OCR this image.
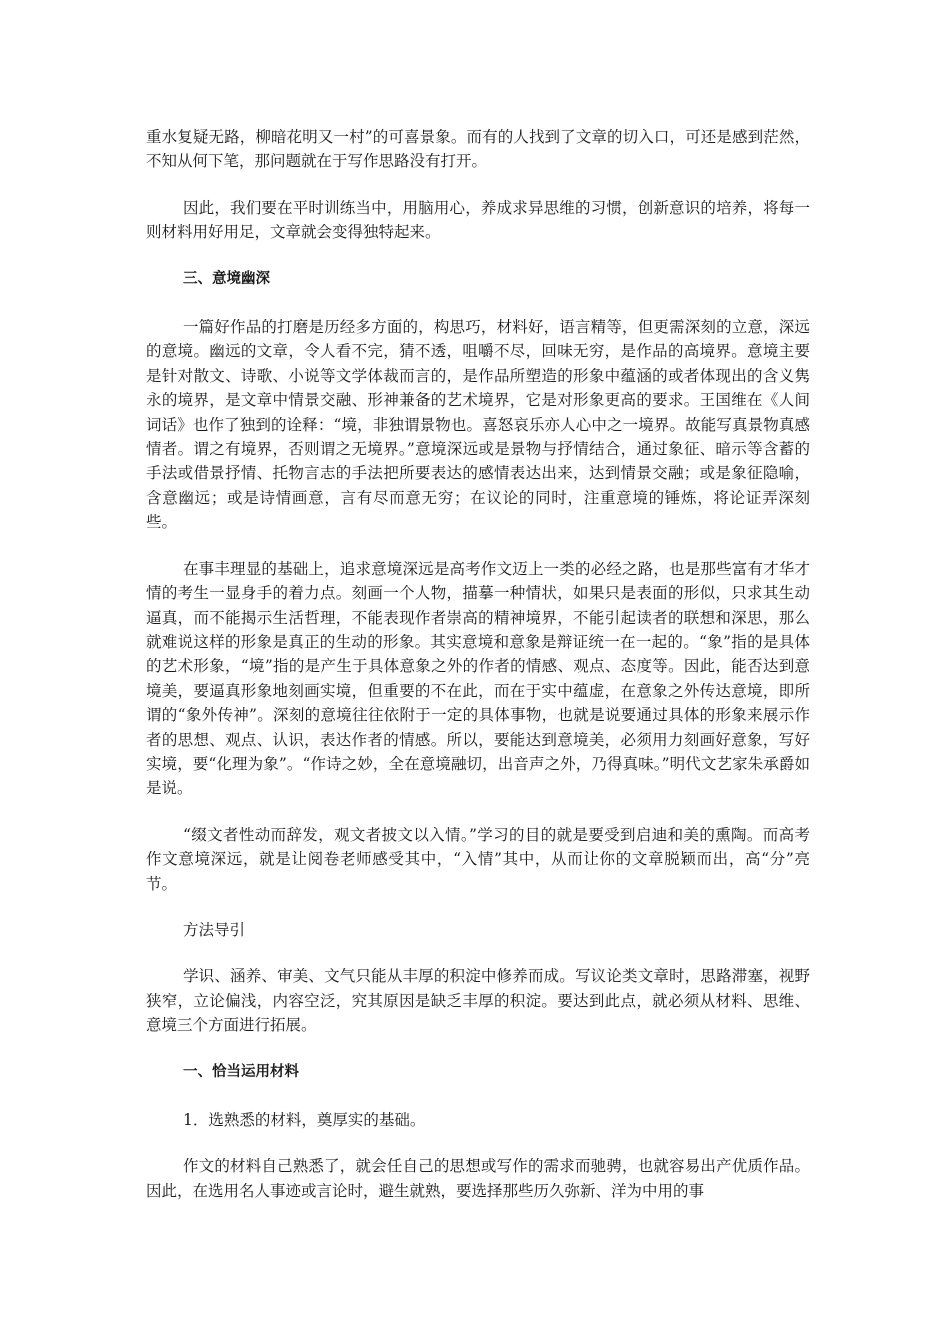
重水复疑无路，柳暗花明又一村”的可喜景象。而有的人找到了文章的切入口，可还是感到茫然，不知从何下笔，那问题就在于写作思路没有打开。

因此，我们要在平时训练当中，用脑用心，养成求异思维的习惯，创新意识的培养，将每一则材料用好用足，文章就会变得独特起来。

三、意境幽深

一篇好作品的打磨是历经多方面的，构思巧，材料好，语言精等，但更需深刻的立意，深远的意境。幽远的文章，令人看不完，猜不透，咀嚼不尽，回味无穷，是作品的高境界。意境主要是针对散文、诗歌、小说等文学体裁而言的，是作品所塑造的形象中蕴涵的或者体现出的含义隽永的境界，是文章中情景交融、形神兼备的艺术境界，它是对形象更高的要求。王国维在《人间词话》也作了独到的诠释：“境，非独谓景物也。喜怒哀乐亦人心中之一境界。故能写真景物真感情者。谓之有境界，否则谓之无境界。”意境深远或是景物与抒情结合，通过象征、暗示等含蓄的手法或借景抒情、托物言志的手法把所要表达的感情表达出来，达到情景交融；或是象征隐喻，含意幽远；或是诗情画意，言有尽而意无穷；在议论的同时，注重意境的锤炼，将论证弄深刻些。

在事丰理显的基础上，追求意境深远是高考作文迈上一类的必经之路，也是那些富有才华才情的考生一显身手的着力点。刻画一个人物，描摹一种情状，如果只是表面的形似，只求其生动逼真，而不能揭示生活哲理，不能表现作者崇高的精神境界，不能引起读者的联想和深思，那么就难说这样的形象是真正的生动的形象。其实意境和意象是辩证统一在一起的。“象”指的是具体的艺术形象，“境”指的是产生于具体意象之外的作者的情感、观点、态度等。因此，能否达到意境美，要逼真形象地刻画实境，但重要的不在此，而在于实中蕴虚，在意象之外传达意境，即所谓的“象外传神”。深刻的意境往往依附于一定的具体事物，也就是说要通过具体的形象来展示作者的思想、观点、认识，表达作者的情感。所以，要能达到意境美，必须用力刻画好意象，写好实境，要“化理为象”。“作诗之妙，全在意境融切，出音声之外，乃得真味。”明代文艺家朱承爵如是说。

“缀文者性动而辞发，观文者披文以入情。”学习的目的就是要受到启迪和美的熏陶。而高考作文意境深远，就是让阅卷老师感受其中，“入情”其中，从而让你的文章脱颖而出，高“分”亮节。

方法导引

学识、涵养、审美、文气只能从丰厚的积淀中修养而成。写议论类文章时，思路滞塞，视野狭窄，立论偏浅，内容空泛，究其原因是缺乏丰厚的积淀。要达到此点，就必须从材料、思维、意境三个方面进行拓展。

一、恰当运用材料

1．选熟悉的材料，奠厚实的基础。

作文的材料自己熟悉了，就会任自己的思想或写作的需求而驰骋，也就容易出产优质作品。因此，在选用名人事迹或言论时，避生就熟，要选择那些历久弥新、洋为中用的事
